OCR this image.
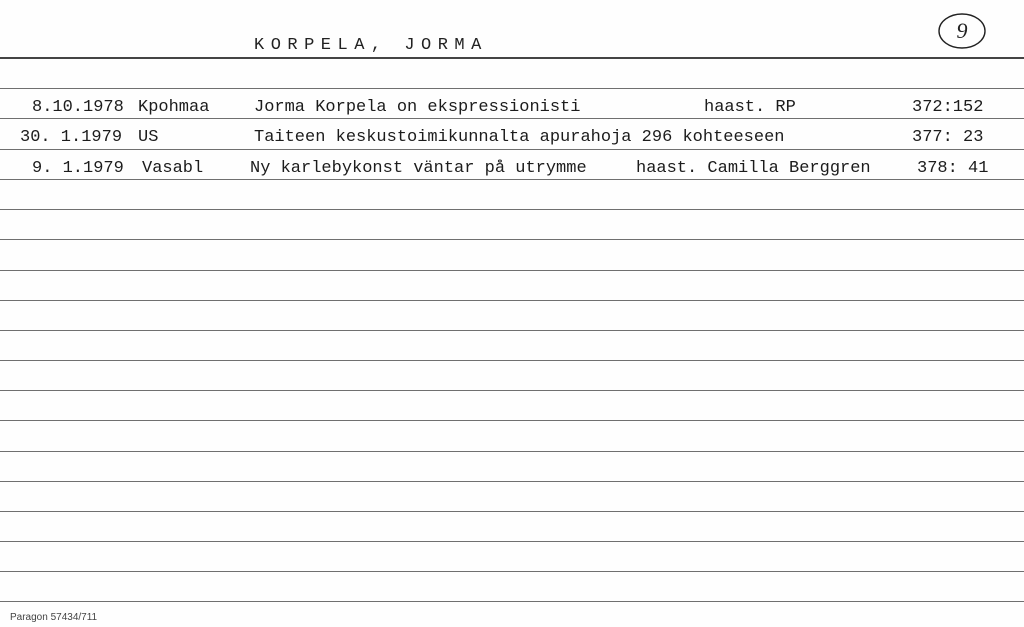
KORPELA, JORMA
9
8.10.1978 Kpohmaa	Jorma Korpela on ekspressionisti	haast. RP	372:152
30. 1.1979 US	Taiteen keskustoimikunnalta apurahoja 296 kohteeseen	377: 23
9. 1.1979 Vasabl	Ny karlebykonst väntar på utrymme	haast. Camilla Berggren	378: 41
Paragon 57434/711
